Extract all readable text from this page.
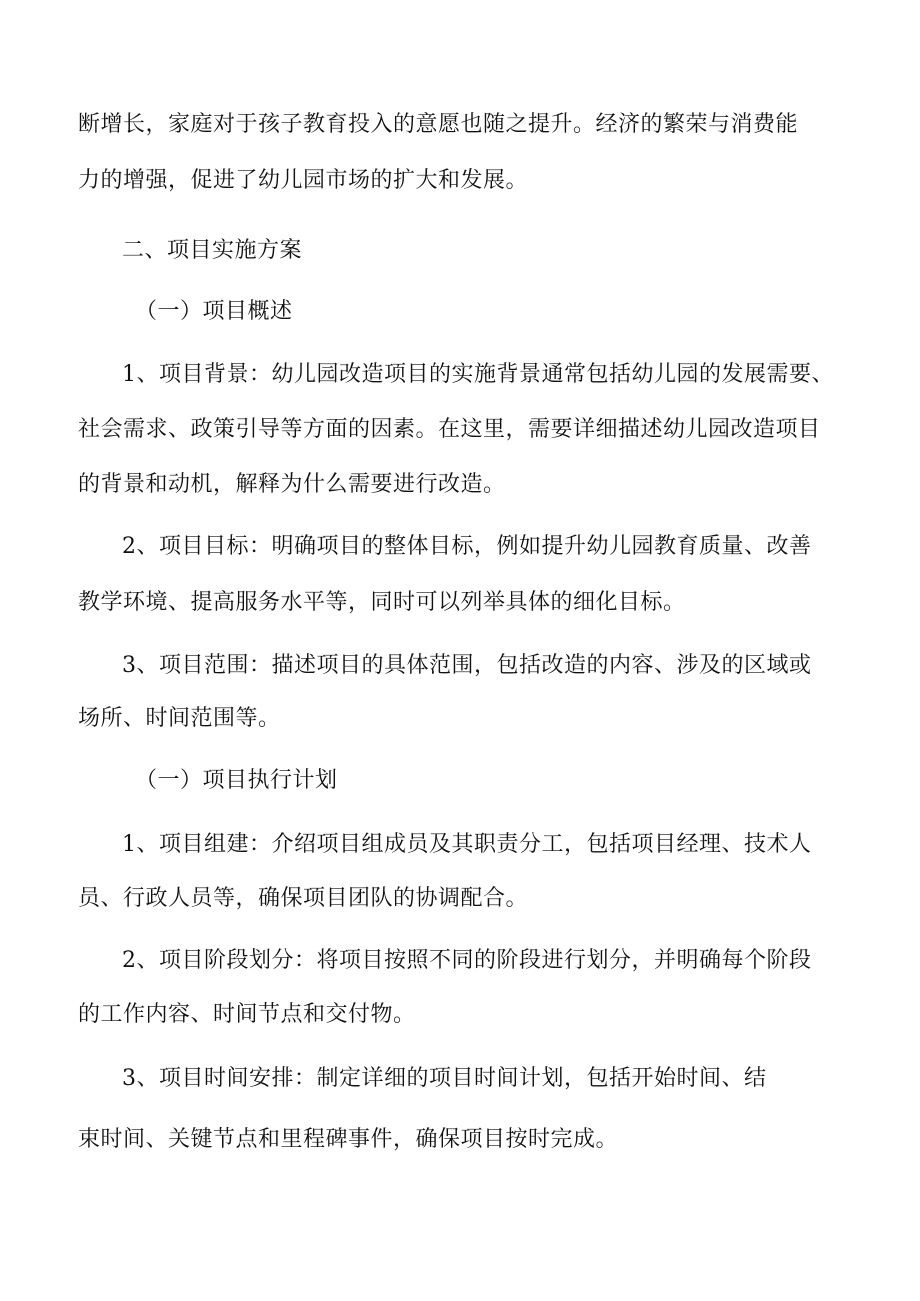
断增长，家庭对于孩子教育投入的意愿也随之提升。经济的繁荣与消费能
力的增强，促进了幼儿园市场的扩大和发展。
二、项目实施方案
（一）项目概述
1、项目背景：幼儿园改造项目的实施背景通常包括幼儿园的发展需要、
社会需求、政策引导等方面的因素。在这里，需要详细描述幼儿园改造项目
的背景和动机，解释为什么需要进行改造。
2、项目目标：明确项目的整体目标，例如提升幼儿园教育质量、改善
教学环境、提高服务水平等，同时可以列举具体的细化目标。
3、项目范围：描述项目的具体范围，包括改造的内容、涉及的区域或
场所、时间范围等。
（一）项目执行计划
1、项目组建：介绍项目组成员及其职责分工，包括项目经理、技术人
员、行政人员等，确保项目团队的协调配合。
2、项目阶段划分：将项目按照不同的阶段进行划分，并明确每个阶段
的工作内容、时间节点和交付物。
3、项目时间安排：制定详细的项目时间计划，包括开始时间、结
束时间、关键节点和里程碑事件，确保项目按时完成。
